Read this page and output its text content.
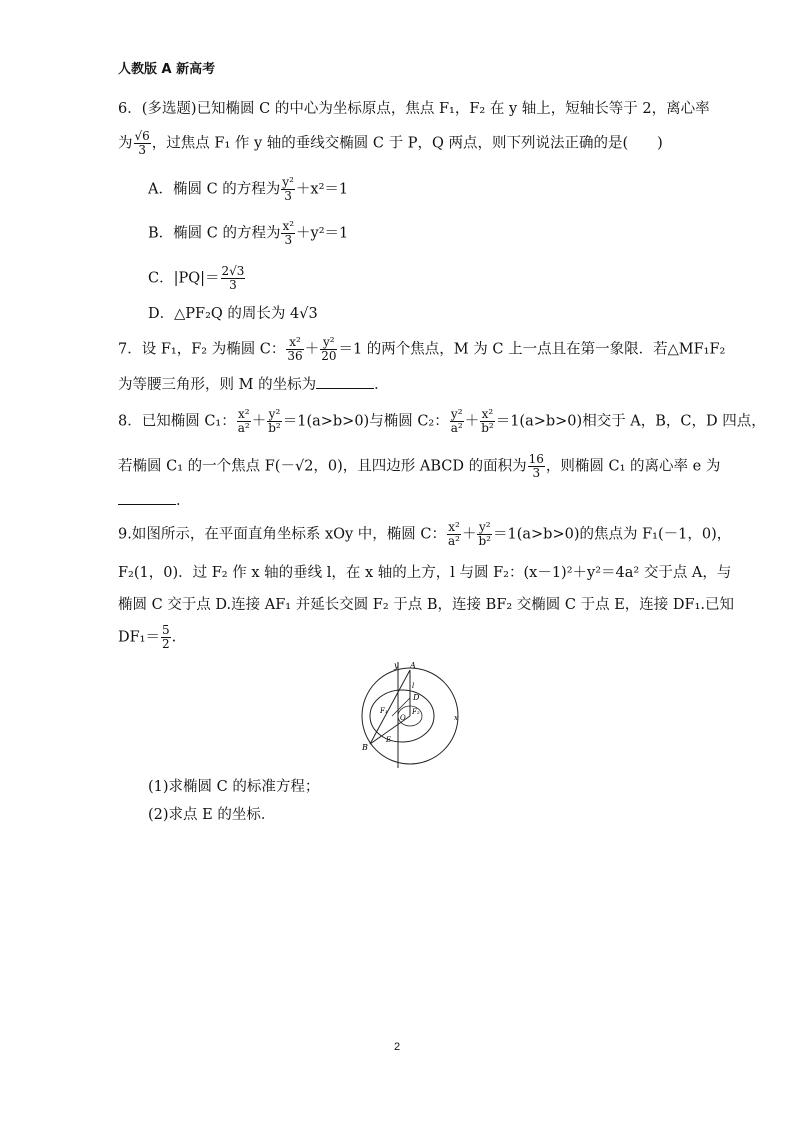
人教版 A 新高考
6．(多选题)已知椭圆 C 的中心为坐标原点，焦点 F₁，F₂ 在 y 轴上，短轴长等于 2，离心率
为 $\frac{√6}{3}$ ，过焦点 F₁ 作 y 轴的垂线交椭圆 C 于 P，Q 两点，则下列说法正确的是(　　)
A．椭圆 C 的方程为 $\frac{\text{y²}}{3} +x^2=1$
B．椭圆 C 的方程为 $\frac{\text{x²}}{3} +y^2=1$
C．$|PQ|= \frac{2√3}{3}$
D．△PF₂Q 的周长为 4√3
7．设 F₁，F₂ 为椭圆 C： $\frac{\text{x²}}{36} + \frac{\text{y²}}{20} =1$ 的两个焦点，M 为 C 上一点且在第一象限．若△MF₁F₂
为等腰三角形，则 M 的坐标为	．
8．已知椭圆 C₁： $\frac{\text{x²}}{\text{a²}} + \frac{\text{y²}}{\text{b²}} =1(a>b>0)$与椭圆 C₂： $\frac{\text{y²}}{\text{a²}} + \frac{\text{x²}}{\text{b²}} =1(a>b>0)$相交于 A，B，C，D 四点，
若椭圆 C₁ 的一个焦点 F(－√2，0)，且四边形 ABCD 的面积为 $\frac{16}{3}$ ，则椭圆 C₁ 的离心率 e 为
．
9.如图所示，在平面直角坐标系 xOy 中，椭圆 C： $\frac{\text{x²}}{\text{a²}} + \frac{\text{y²}}{\text{b²}} =1(a>b>0)$的焦点为 F₁(－1，0)，
F₂(1，0)．过 F₂ 作 x 轴的垂线 l，在 x 轴的上方，l 与圆 F₂：(x－1)²＋y²＝4a² 交于点 A，与
椭圆 C 交于点 D.连接 AF₁ 并延长交圆 F₂ 于点 B，连接 BF₂ 交椭圆 C 于点 E，连接 DF₁.已知
$DF_1= \frac{5}{2}$ .
y A
l
D
F₁
O
F₂
x
E
B
(1)求椭圆 C 的标准方程；
(2)求点 E 的坐标．
2
